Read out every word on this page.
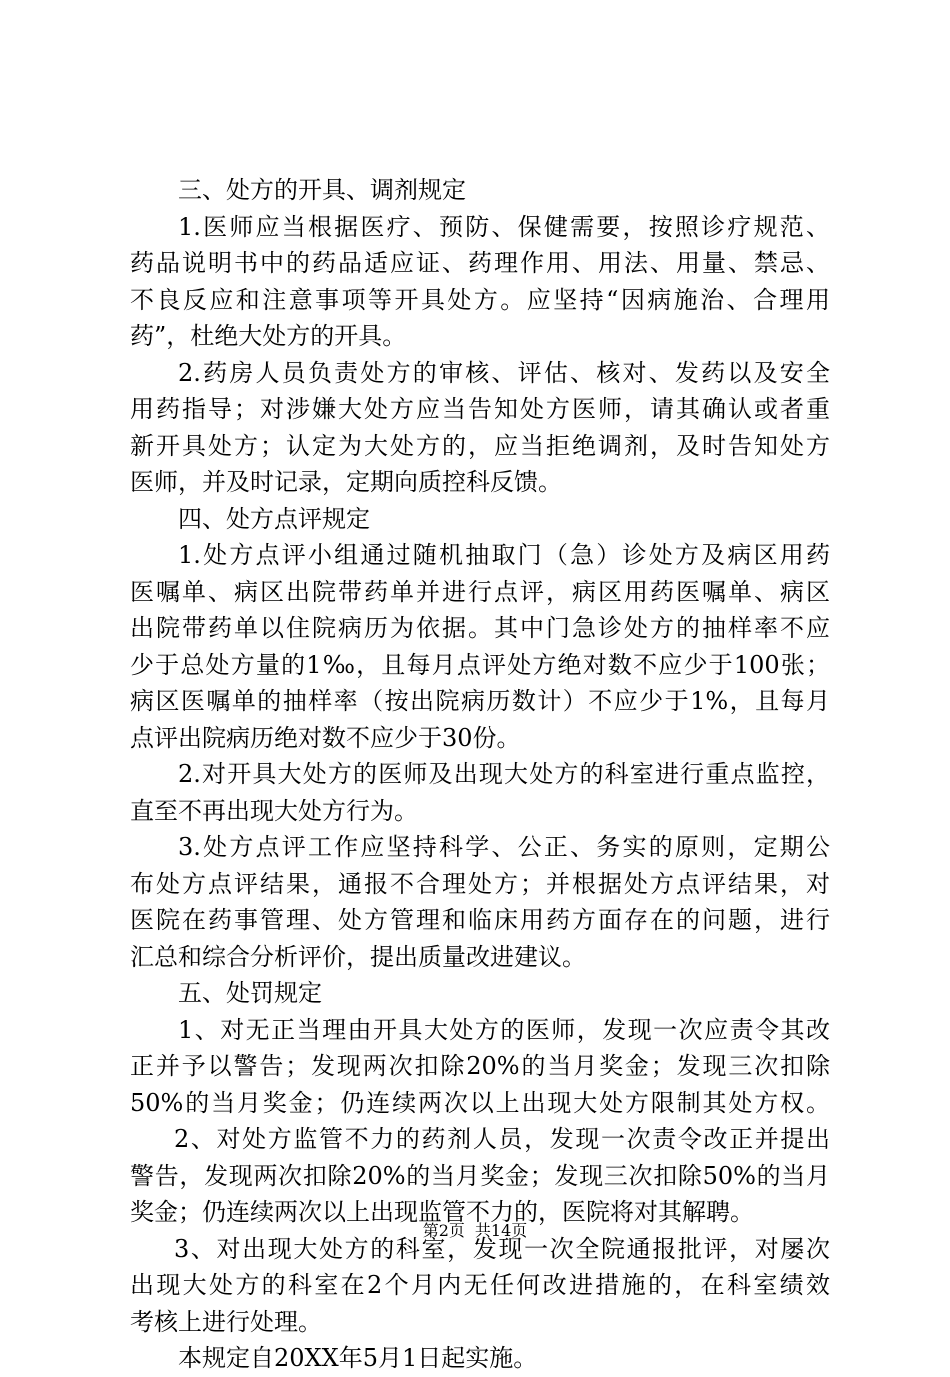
三、处方的开具、调剂规定
1.医师应当根据医疗、预防、保健需要，按照诊疗规范、
药品说明书中的药品适应证、药理作用、用法、用量、禁忌、
不良反应和注意事项等开具处方。应坚持“因病施治、合理用
药”，杜绝大处方的开具。
2.药房人员负责处方的审核、评估、核对、发药以及安全
用药指导；对涉嫌大处方应当告知处方医师，请其确认或者重
新开具处方；认定为大处方的，应当拒绝调剂，及时告知处方
医师，并及时记录，定期向质控科反馈。
四、处方点评规定
1.处方点评小组通过随机抽取门（急）诊处方及病区用药
医嘱单、病区出院带药单并进行点评，病区用药医嘱单、病区
出院带药单以住院病历为依据。其中门急诊处方的抽样率不应
少于总处方量的1‰，且每月点评处方绝对数不应少于100张；
病区医嘱单的抽样率（按出院病历数计）不应少于1%，且每月
点评出院病历绝对数不应少于30份。
2.对开具大处方的医师及出现大处方的科室进行重点监控，
直至不再出现大处方行为。
3.处方点评工作应坚持科学、公正、务实的原则，定期公
布处方点评结果，通报不合理处方；并根据处方点评结果，对
医院在药事管理、处方管理和临床用药方面存在的问题，进行
汇总和综合分析评价，提出质量改进建议。
五、处罚规定
1、对无正当理由开具大处方的医师，发现一次应责令其改
正并予以警告；发现两次扣除20%的当月奖金；发现三次扣除
50%的当月奖金；仍连续两次以上出现大处方限制其处方权。
2、对处方监管不力的药剂人员，发现一次责令改正并提出
警告，发现两次扣除20%的当月奖金；发现三次扣除50%的当月
奖金；仍连续两次以上出现监管不力的，医院将对其解聘。
3、对出现大处方的科室，发现一次全院通报批评，对屡次
出现大处方的科室在2个月内无任何改进措施的，在科室绩效
考核上进行处理。
本规定自20XX年5月1日起实施。
第2页 共14页
